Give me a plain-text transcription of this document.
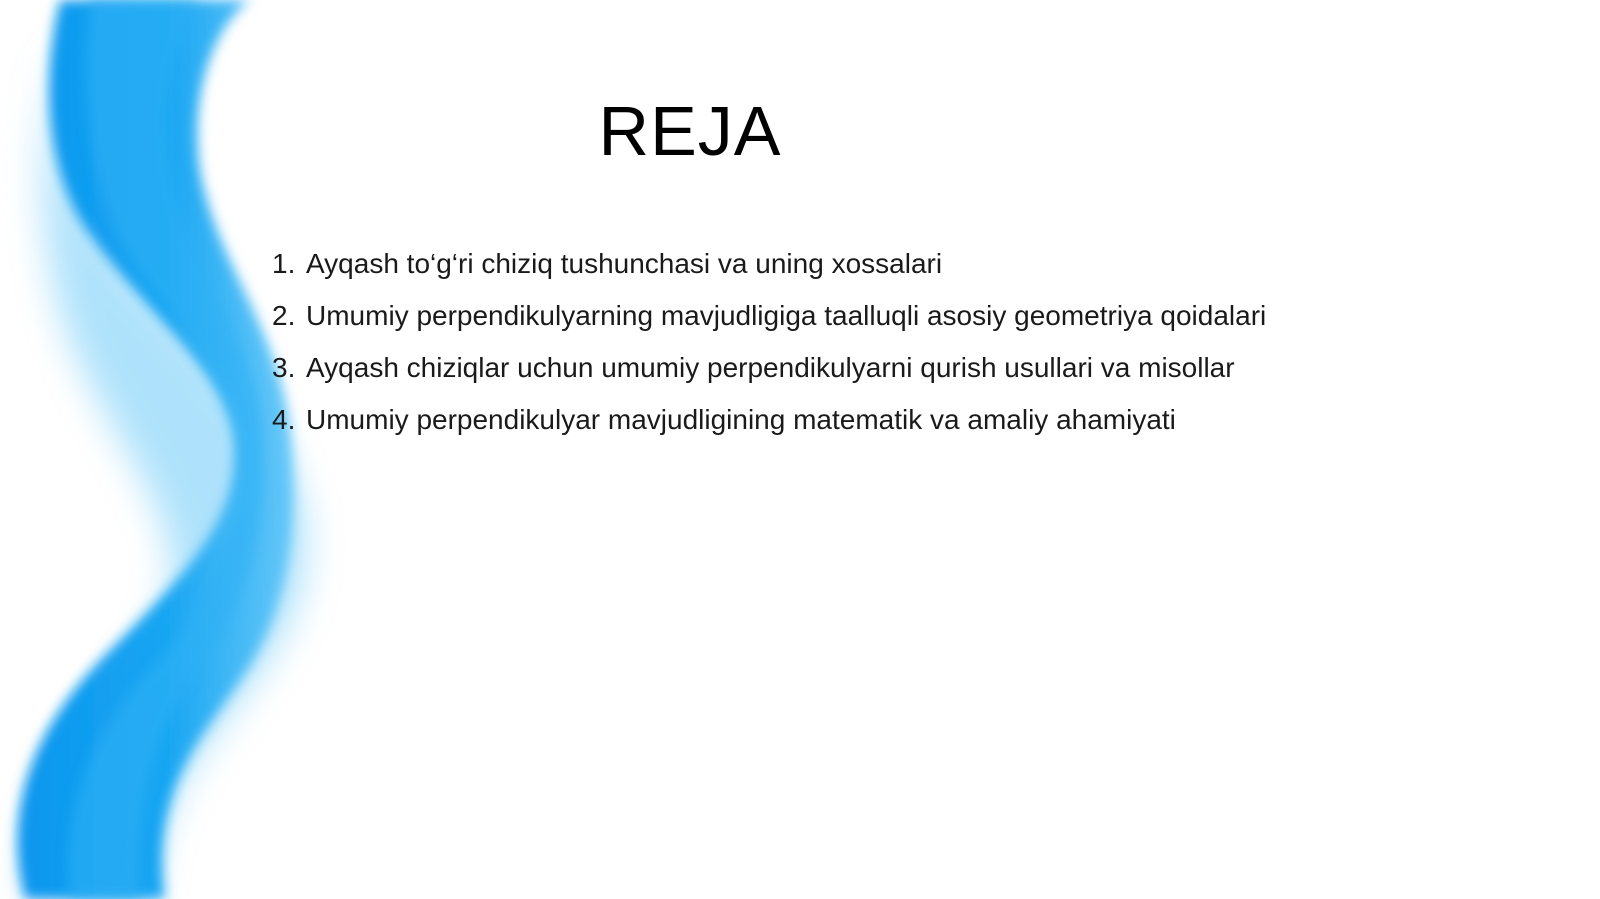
REJA
1. Ayqash to‘g‘ri chiziq tushunchasi va uning xossalari
2. Umumiy perpendikulyarning mavjudligiga taalluqli asosiy geometriya qoidalari
3. Ayqash chiziqlar uchun umumiy perpendikulyarni qurish usullari va misollar
4. Umumiy perpendikulyar mavjudligining matematik va amaliy ahamiyati
